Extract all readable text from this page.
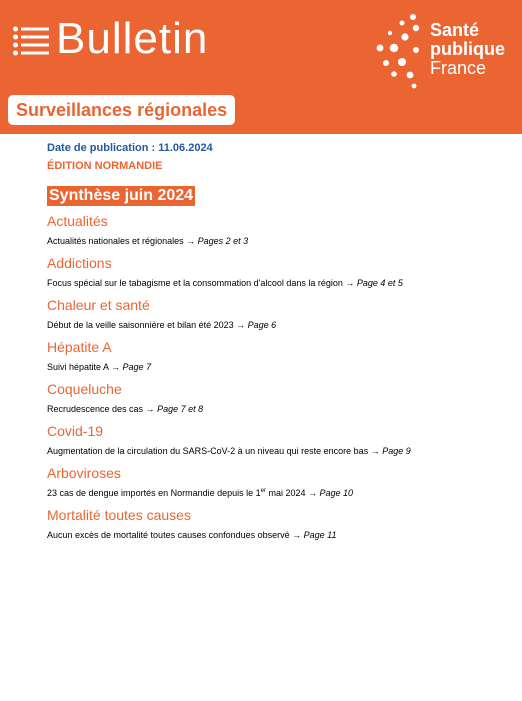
Bulletin	Santé
publique
France
Surveillances régionales

Date de publication : 11.06.2024

ÉDITION NORMANDIE

Synthèse juin 2024

Actualités

Actualités nationales et régionales → Pages 2 et 3

Addictions

Focus spécial sur le tabagisme et la consommation d'alcool dans la région → Page 4 et 5

Chaleur et santé

Début de la veille saisonnière et bilan été 2023 → Page 6

Hépatite A

Suivi hépatite A → Page 7

Coqueluche

Recrudescence des cas → Page 7 et 8

Covid-19

Augmentation de la circulation du SARS-CoV-2 à un niveau qui reste encore bas → Page 9

Arboviroses

23 cas de dengue importés en Normandie depuis le 1er mai 2024 → Page 10

Mortalité toutes causes

Aucun excès de mortalité toutes causes confondues observé → Page 11
